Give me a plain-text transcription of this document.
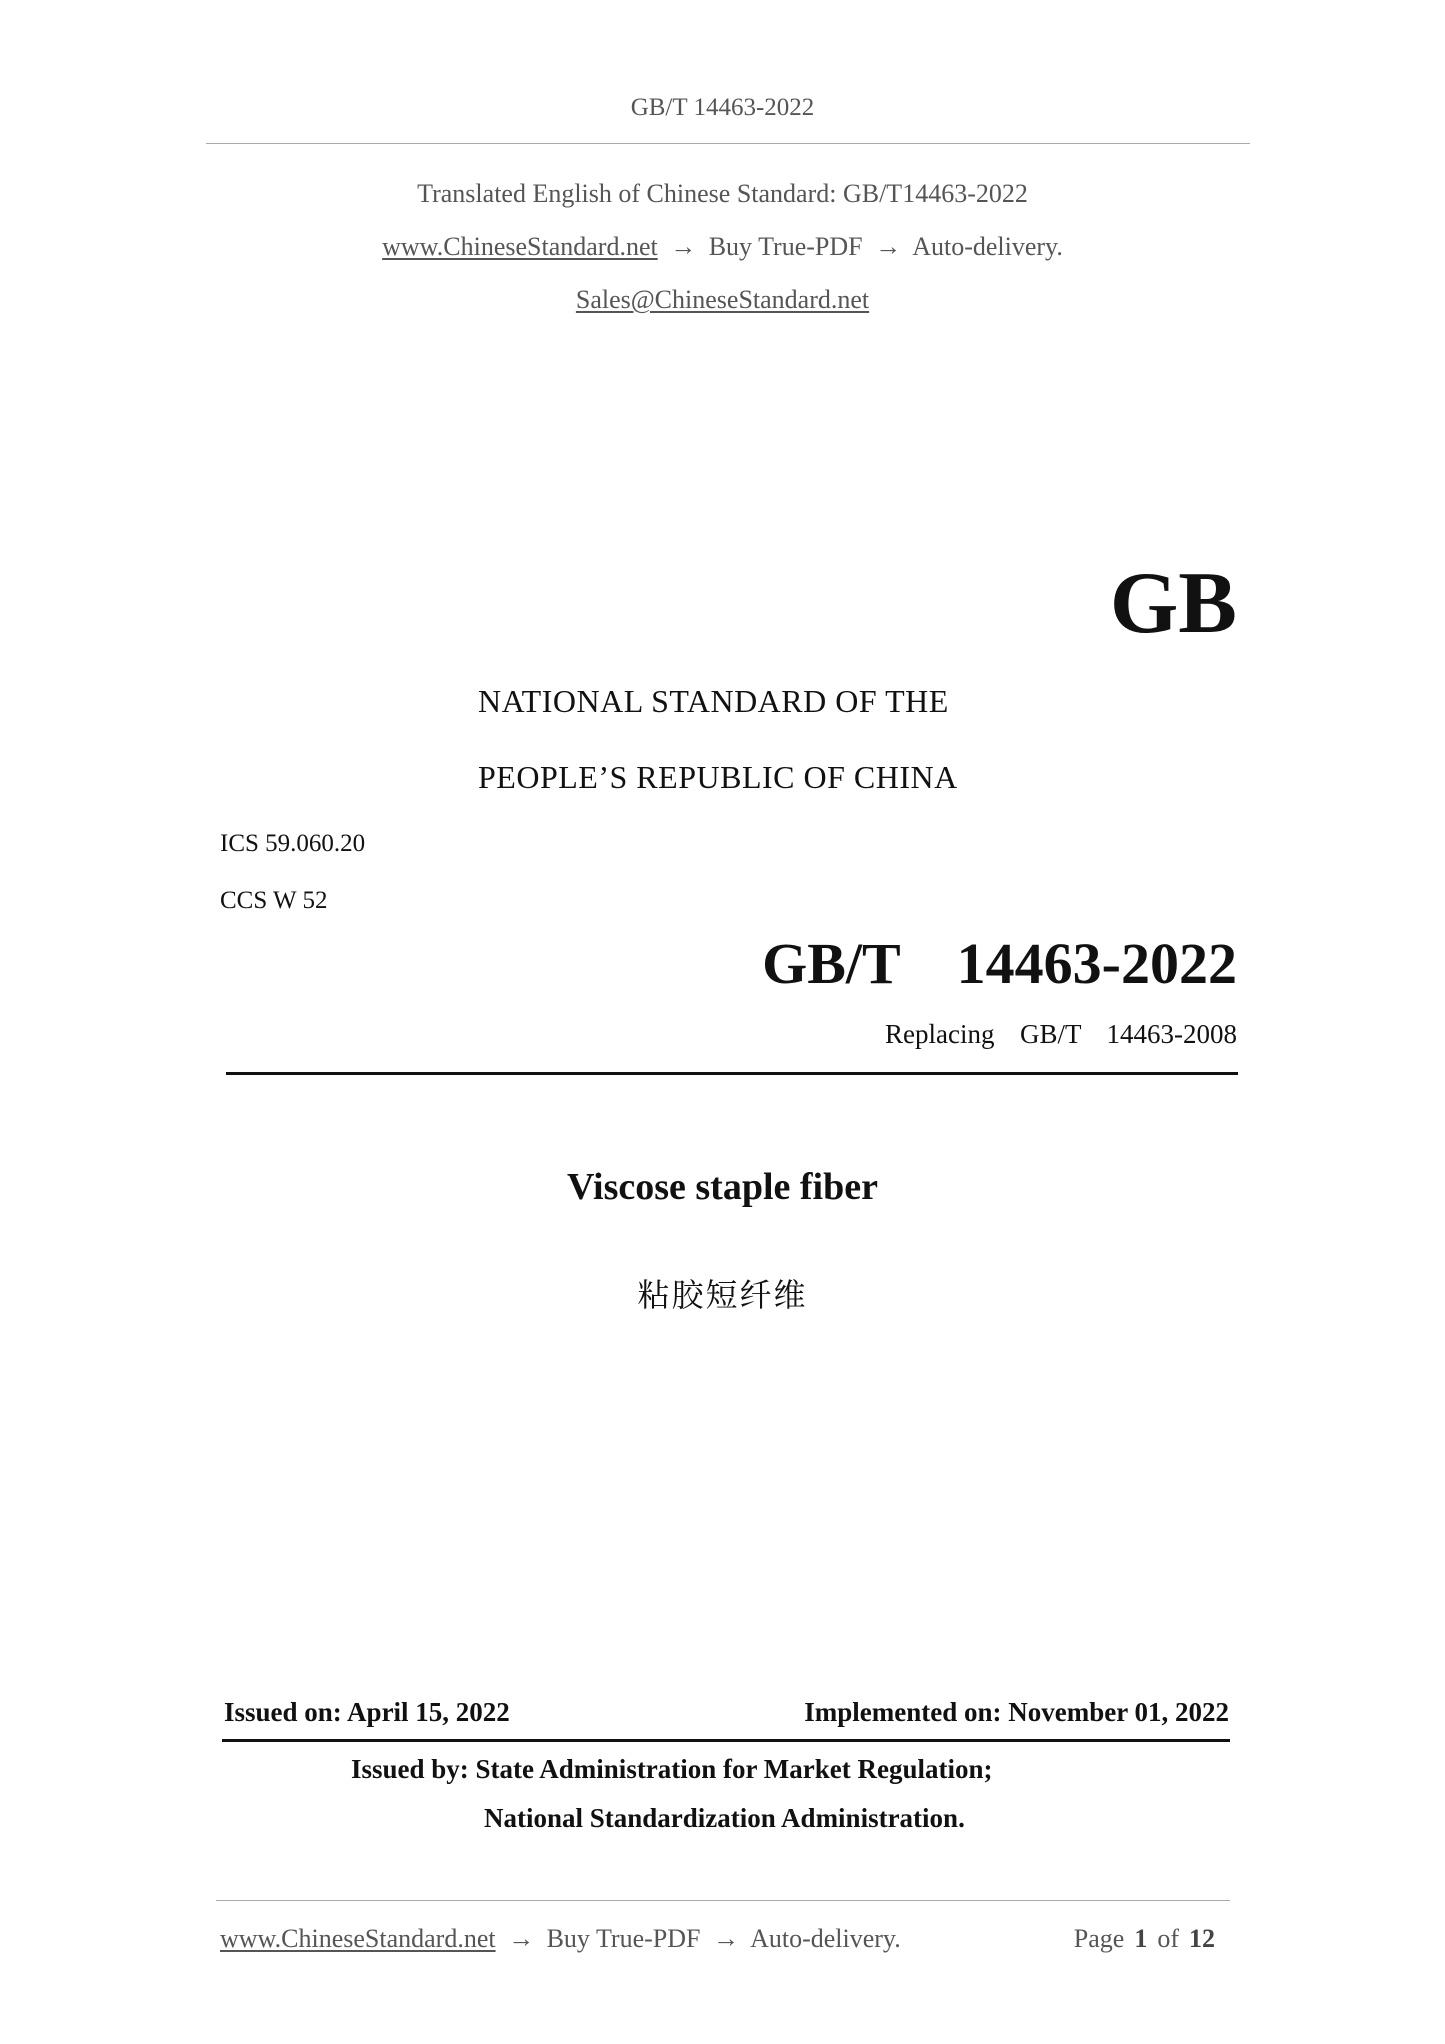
GB/T 14463-2022
Translated English of Chinese Standard: GB/T14463-2022
www.ChineseStandard.net → Buy True-PDF → Auto-delivery.
Sales@ChineseStandard.net
GB
NATIONAL STANDARD OF THE
PEOPLE’S REPUBLIC OF CHINA
ICS 59.060.20
CCS W 52
GB/T  14463-2022
Replacing  GB/T  14463-2008
Viscose staple fiber
粘胶短纤维
Issued on: April 15, 2022	Implemented on: November 01, 2022
Issued by: State Administration for Market Regulation;
National Standardization Administration.
www.ChineseStandard.net → Buy True-PDF → Auto-delivery.	Page 1 of 12
